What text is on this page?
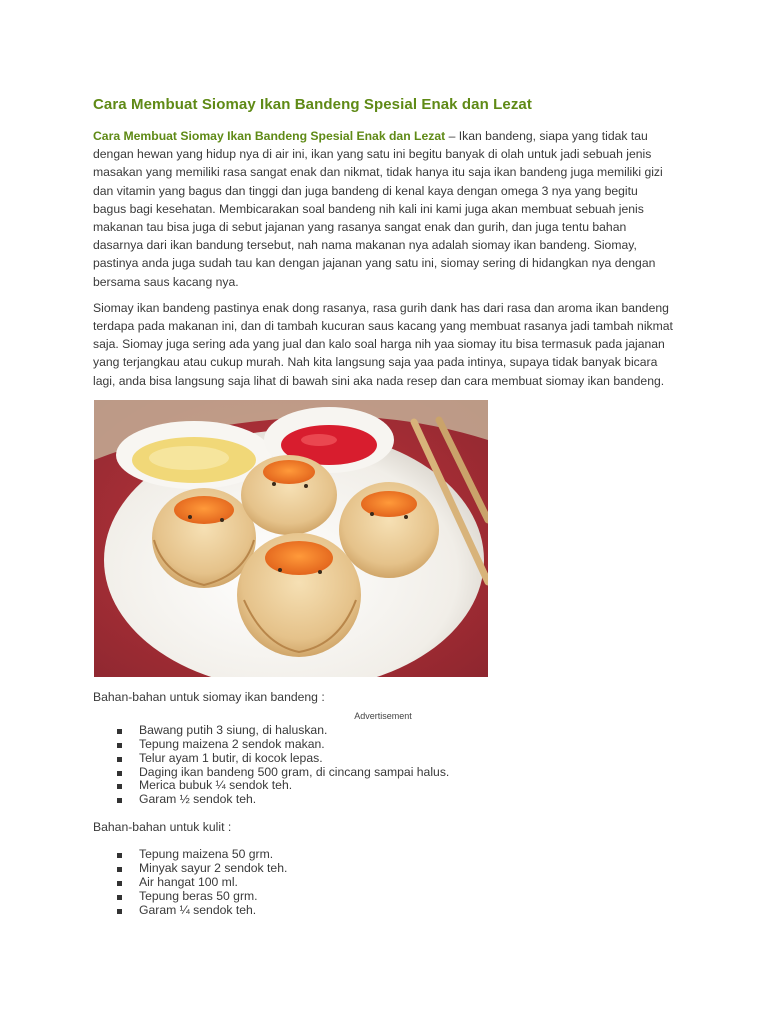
Cara Membuat Siomay Ikan Bandeng Spesial Enak dan Lezat

Cara Membuat Siomay Ikan Bandeng Spesial Enak dan Lezat – Ikan bandeng, siapa yang tidak tau dengan hewan yang hidup nya di air ini, ikan yang satu ini begitu banyak di olah untuk jadi sebuah jenis masakan yang memiliki rasa sangat enak dan nikmat, tidak hanya itu saja ikan bandeng juga memiliki gizi dan vitamin yang bagus dan tinggi dan juga bandeng di kenal kaya dengan omega 3 nya yang begitu bagus bagi kesehatan. Membicarakan soal bandeng nih kali ini kami juga akan membuat sebuah jenis makanan tau bisa juga di sebut jajanan yang rasanya sangat enak dan gurih, dan juga tentu bahan dasarnya dari ikan bandung tersebut, nah nama makanan nya adalah siomay ikan bandeng. Siomay, pastinya anda juga sudah tau kan dengan jajanan yang satu ini, siomay sering di hidangkan nya dengan bersama saus kacang nya.

Siomay ikan bandeng pastinya enak dong rasanya, rasa gurih dank has dari rasa dan aroma ikan bandeng terdapa pada makanan ini, dan di tambah kucuran saus kacang yang membuat rasanya jadi tambah nikmat saja. Siomay juga sering ada yang jual dan kalo soal harga nih yaa siomay itu bisa termasuk pada jajanan yang terjangkau atau cukup murah. Nah kita langsung saja yaa pada intinya, supaya tidak banyak bicara lagi, anda bisa langsung saja lihat di bawah sini aka nada resep dan cara membuat siomay ikan bandeng.

Bahan-bahan untuk siomay ikan bandeng :

Advertisement
Bawang putih 3 siung, di haluskan.
Tepung maizena 2 sendok makan.
Telur ayam 1 butir, di kocok lepas.
Daging ikan bandeng 500 gram, di cincang sampai halus.
Merica bubuk ¼ sendok teh.
Garam ½ sendok teh.

Bahan-bahan untuk kulit :

Tepung maizena 50 grm.
Minyak sayur 2 sendok teh.
Air hangat 100 ml.
Tepung beras 50 grm.
Garam ¼ sendok teh.
